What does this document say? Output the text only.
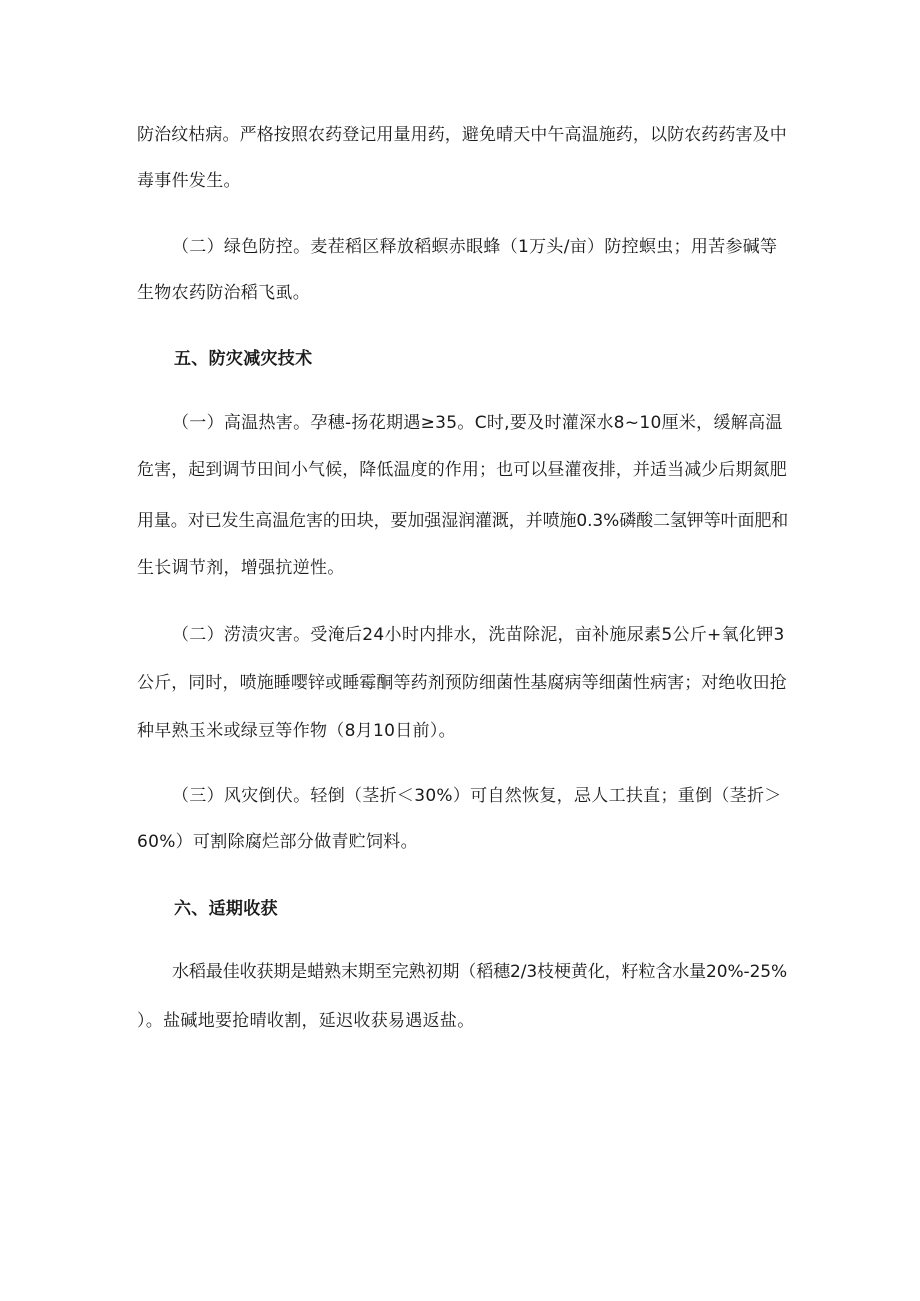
防治纹枯病。严格按照农药登记用量用药，避免晴天中午高温施药，以防农药药害及中
毒事件发生。
（二）绿色防控。麦茬稻区释放稻螟赤眼蜂（1万头/亩）防控螟虫；用苦参碱等
生物农药防治稻飞虱。
五、防灾减灾技术
（一）高温热害。孕穗-扬花期遇≥35。C时,要及时灌深水8~10厘米，缓解高温
危害，起到调节田间小气候，降低温度的作用；也可以昼灌夜排，并适当减少后期氮肥
用量。对已发生高温危害的田块，要加强湿润灌溉，并喷施0.3%磷酸二氢钾等叶面肥和
生长调节剂，增强抗逆性。
（二）涝渍灾害。受淹后24小时内排水，洗苗除泥，亩补施尿素5公斤+氧化钾3
公斤，同时，喷施睡嘤锌或睡霉酮等药剂预防细菌性基腐病等细菌性病害；对绝收田抢
种早熟玉米或绿豆等作物（8月10日前）。
（三）风灾倒伏。轻倒（茎折＜30%）可自然恢复，忌人工扶直；重倒（茎折＞
60%）可割除腐烂部分做青贮饲料。
六、适期收获
水稻最佳收获期是蜡熟末期至完熟初期（稻穗2/3枝梗黄化，籽粒含水量20%-25%
）。盐碱地要抢晴收割，延迟收获易遇返盐。
